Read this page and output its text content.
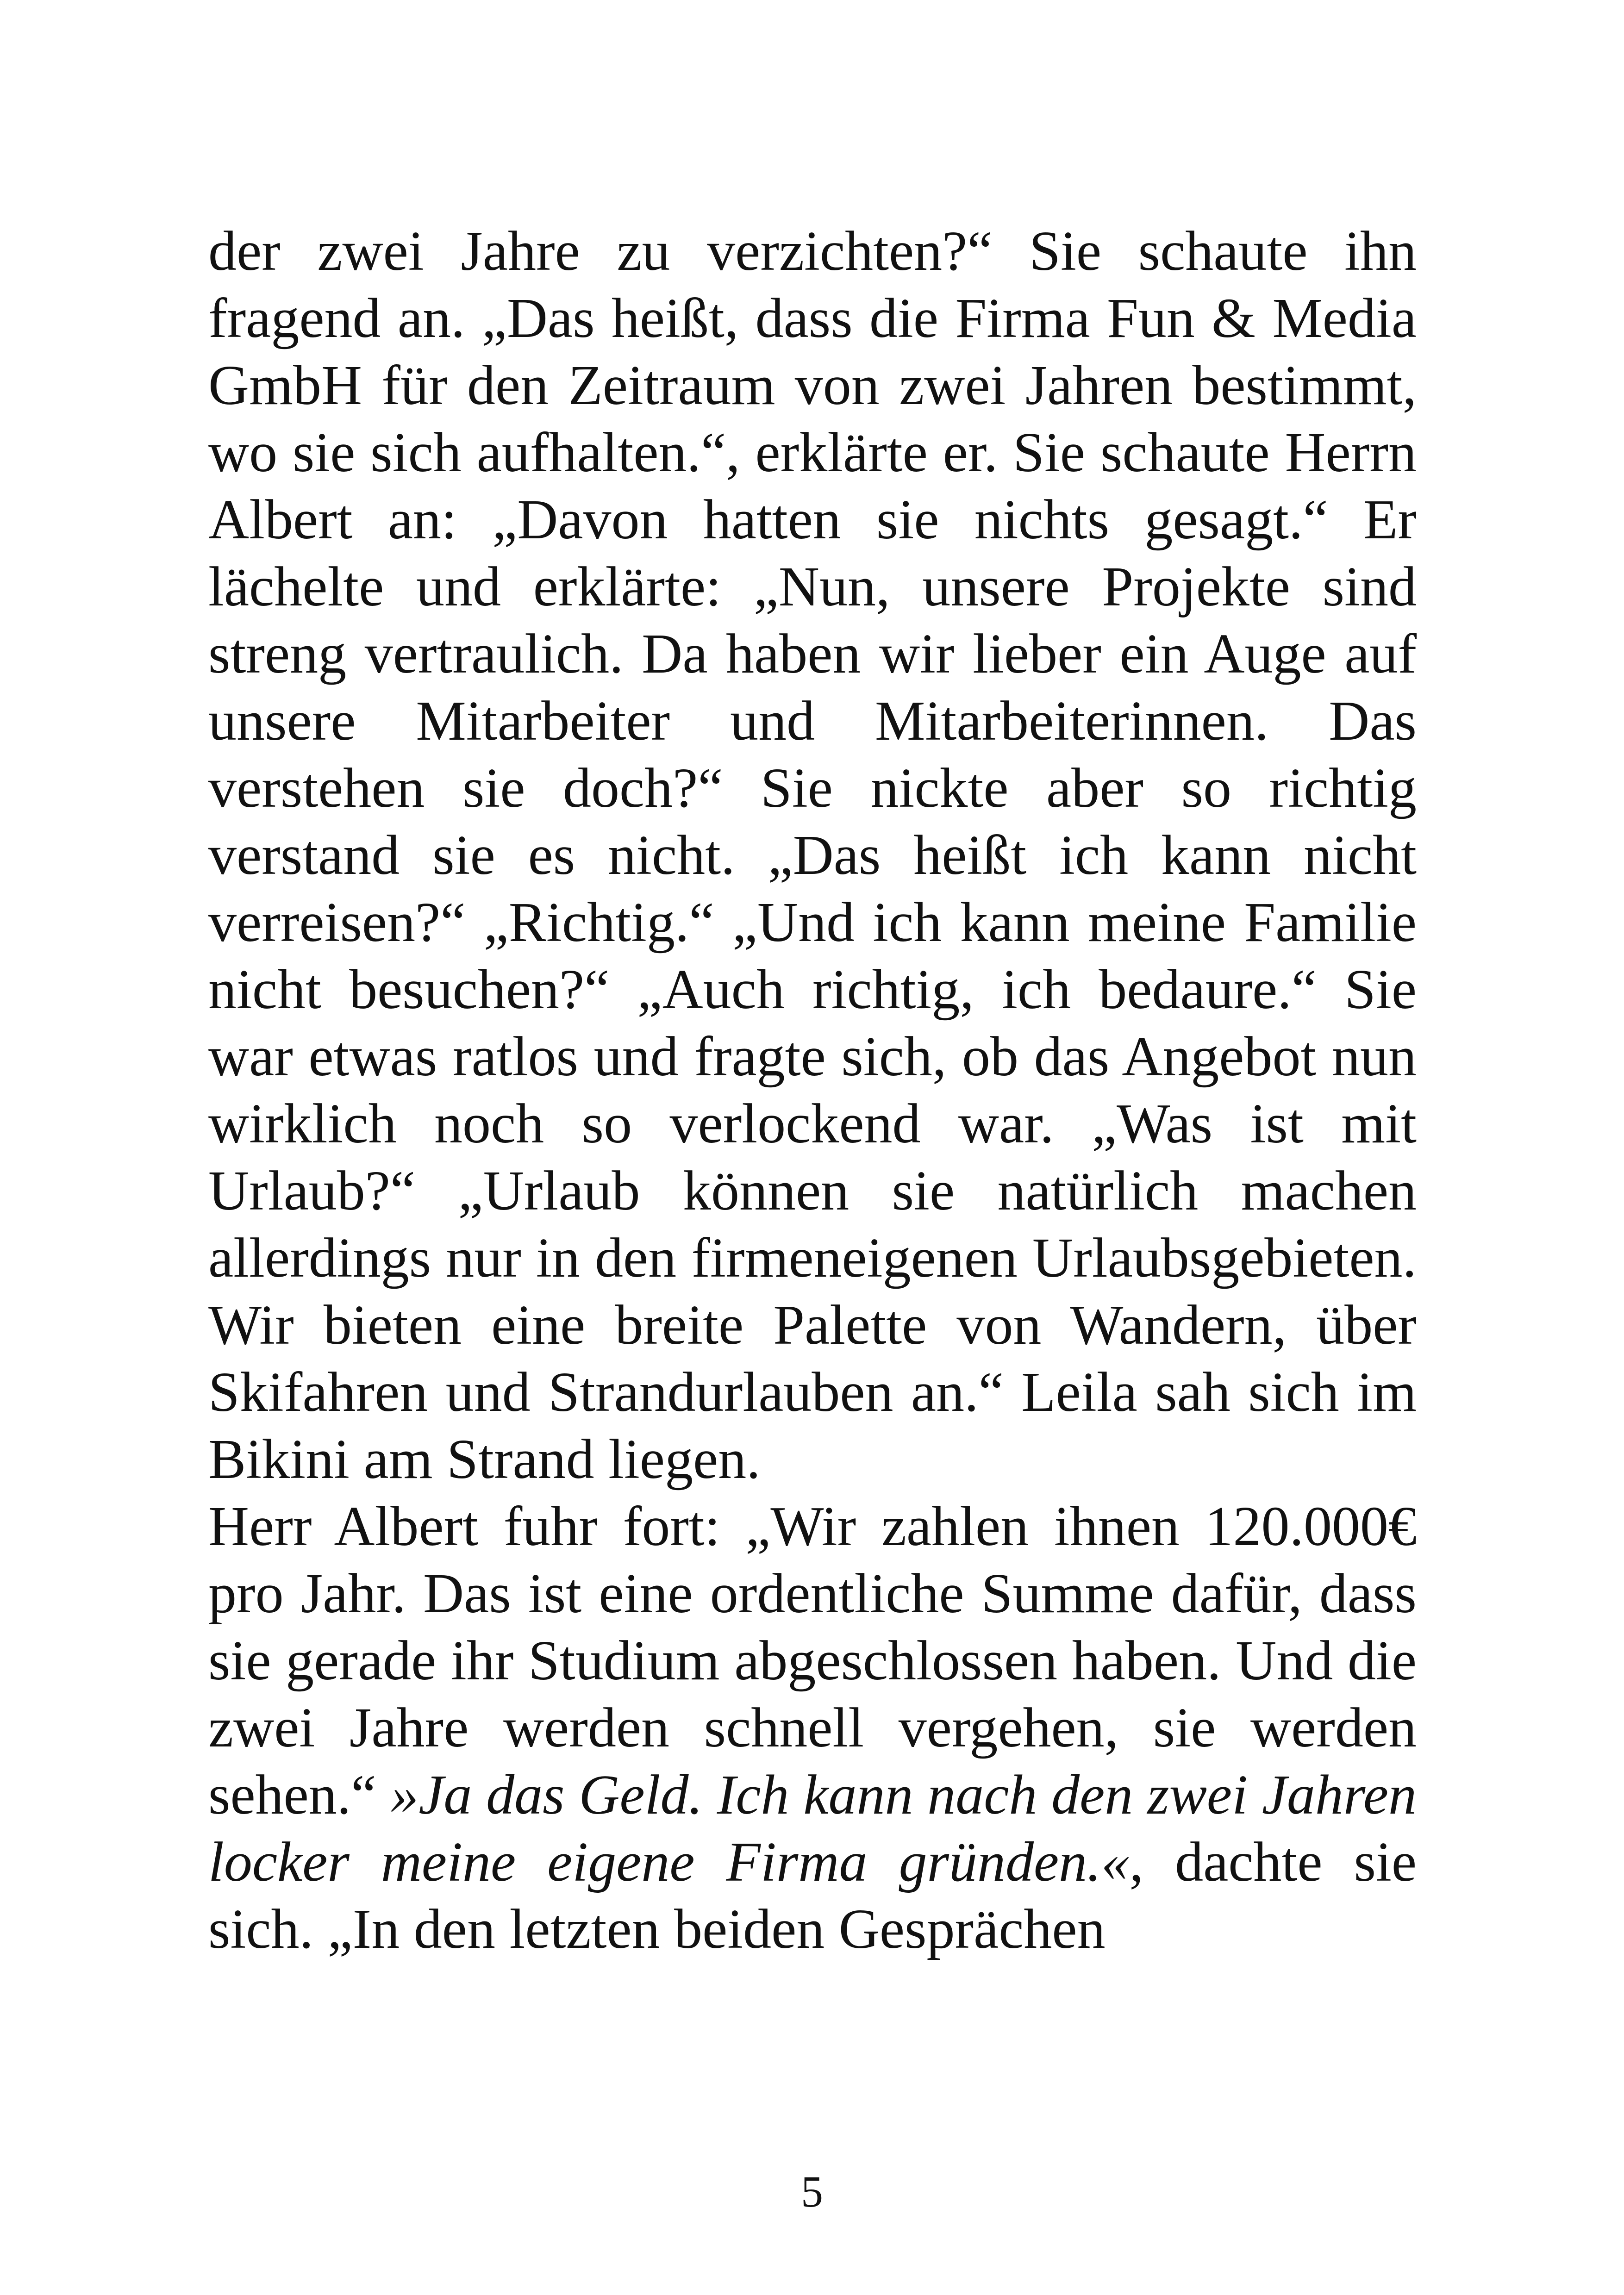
der zwei Jahre zu verzichten?“ Sie schaute ihn fragend an. „Das heißt, dass die Firma Fun & Media GmbH für den Zeitraum von zwei Jahren bestimmt, wo sie sich aufhalten.“, erklärte er. Sie schaute Herrn Albert an: „Davon hatten sie nichts gesagt.“ Er lächelte und erklärte: „Nun, unsere Projekte sind streng vertraulich. Da haben wir lieber ein Auge auf unsere Mitarbeiter und Mitarbeiterinnen. Das verstehen sie doch?“ Sie nickte aber so richtig verstand sie es nicht. „Das heißt ich kann nicht verreisen?“ „Richtig.“ „Und ich kann meine Familie nicht besuchen?“ „Auch richtig, ich bedaure.“ Sie war etwas ratlos und fragte sich, ob das Angebot nun wirklich noch so verlockend war. „Was ist mit Urlaub?“ „Urlaub können sie natürlich machen allerdings nur in den firmeneigenen Urlaubsgebieten. Wir bieten eine breite Palette von Wandern, über Skifahren und Strandurlauben an.“ Leila sah sich im Bikini am Strand liegen.

Herr Albert fuhr fort: „Wir zahlen ihnen 120.000€ pro Jahr. Das ist eine ordentliche Summe dafür, dass sie gerade ihr Studium abgeschlossen haben. Und die zwei Jahre werden schnell vergehen, sie werden sehen.“ »Ja das Geld. Ich kann nach den zwei Jahren locker meine eigene Firma gründen.«, dachte sie sich. „In den letzten beiden Gesprächen

5
